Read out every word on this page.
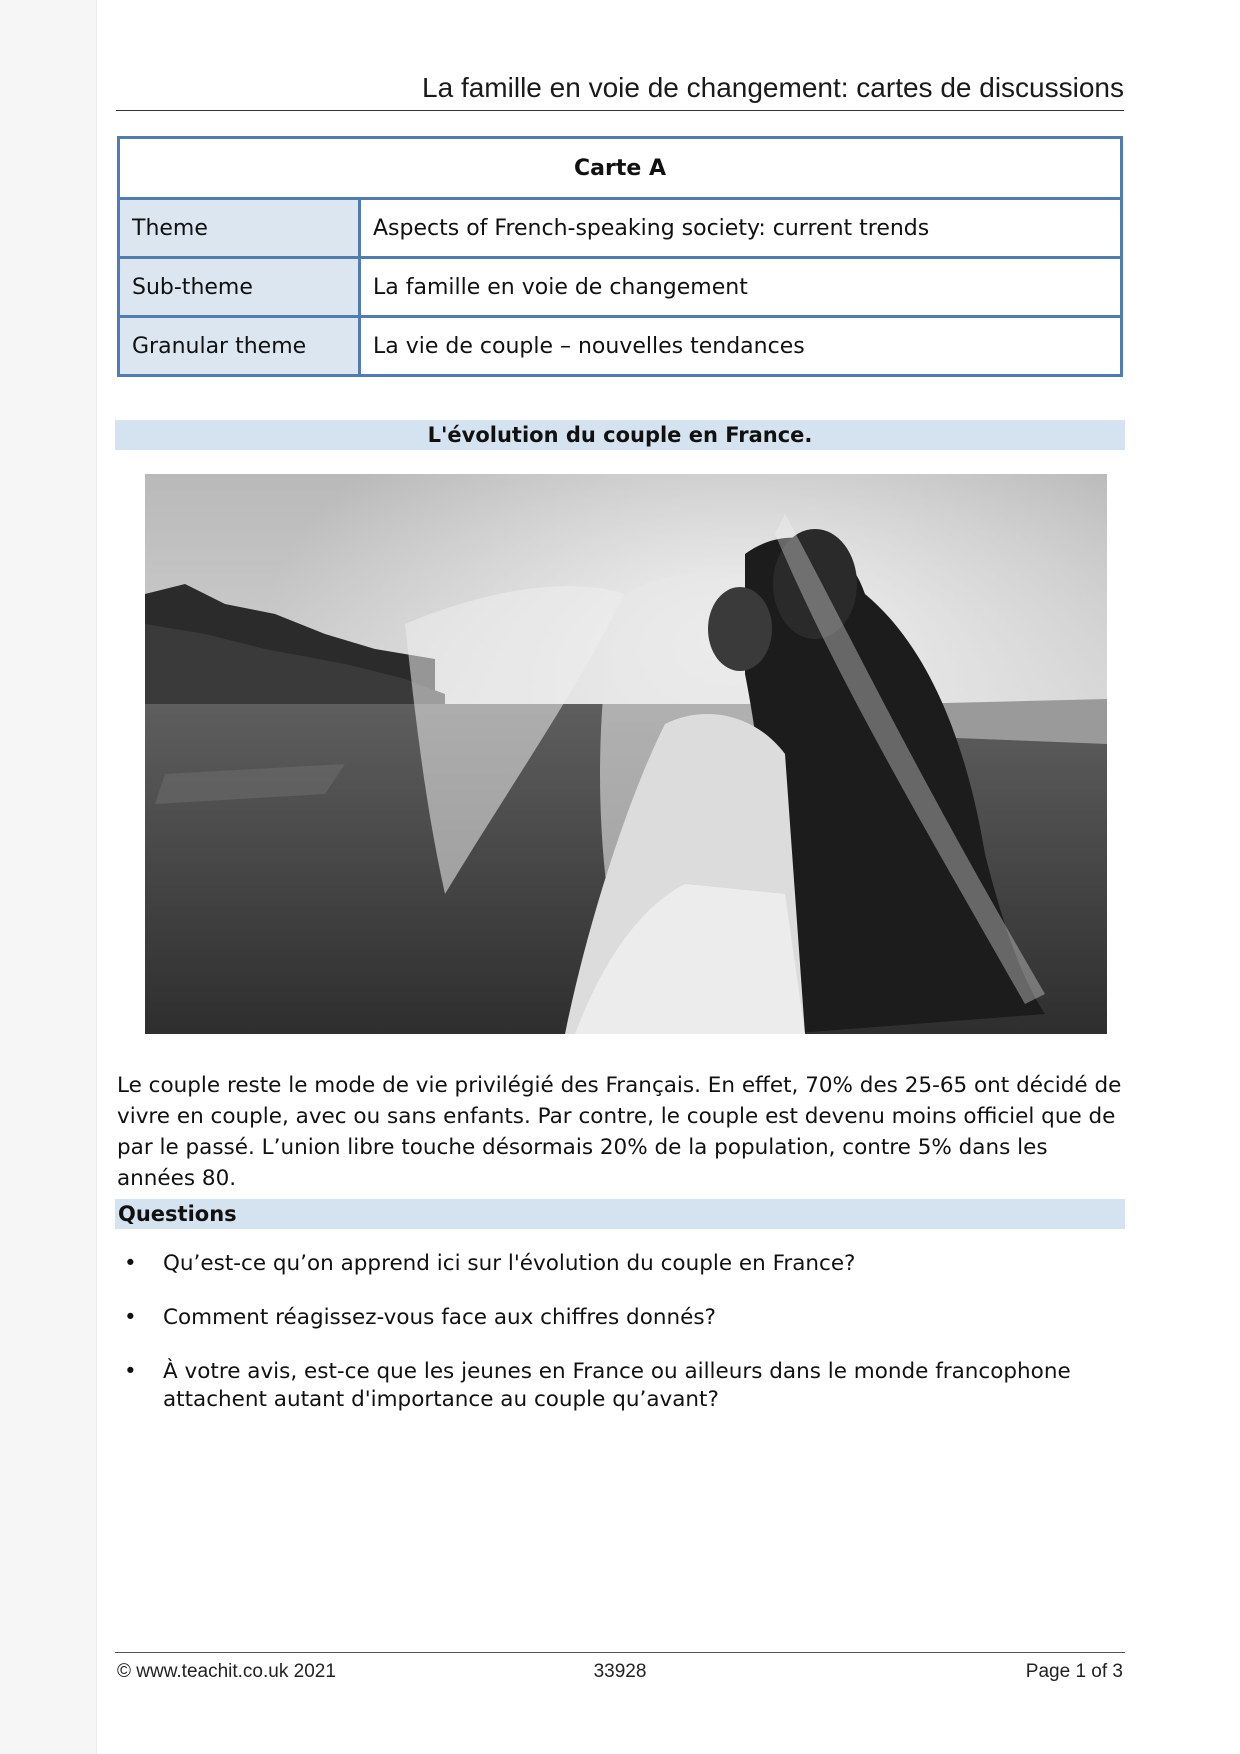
La famille en voie de changement: cartes de discussions
Carte A	
Theme	Aspects of French-speaking society: current trends
Sub-theme	La famille en voie de changement
Granular theme	La vie de couple – nouvelles tendances
L'évolution du couple en France.
Le couple reste le mode de vie privilégié des Français. En effet, 70% des 25-65 ont décidé de vivre en couple, avec ou sans enfants. Par contre, le couple est devenu moins officiel que de par le passé. L’union libre touche désormais 20% de la population, contre 5% dans les années 80.
Questions
• Qu’est-ce qu’on apprend ici sur l'évolution du couple en France?
• Comment réagissez-vous face aux chiffres donnés?
• À votre avis, est-ce que les jeunes en France ou ailleurs dans le monde francophone attachent autant d'importance au couple qu’avant?
© www.teachit.co.uk 2021	33928	Page 1 of 3
